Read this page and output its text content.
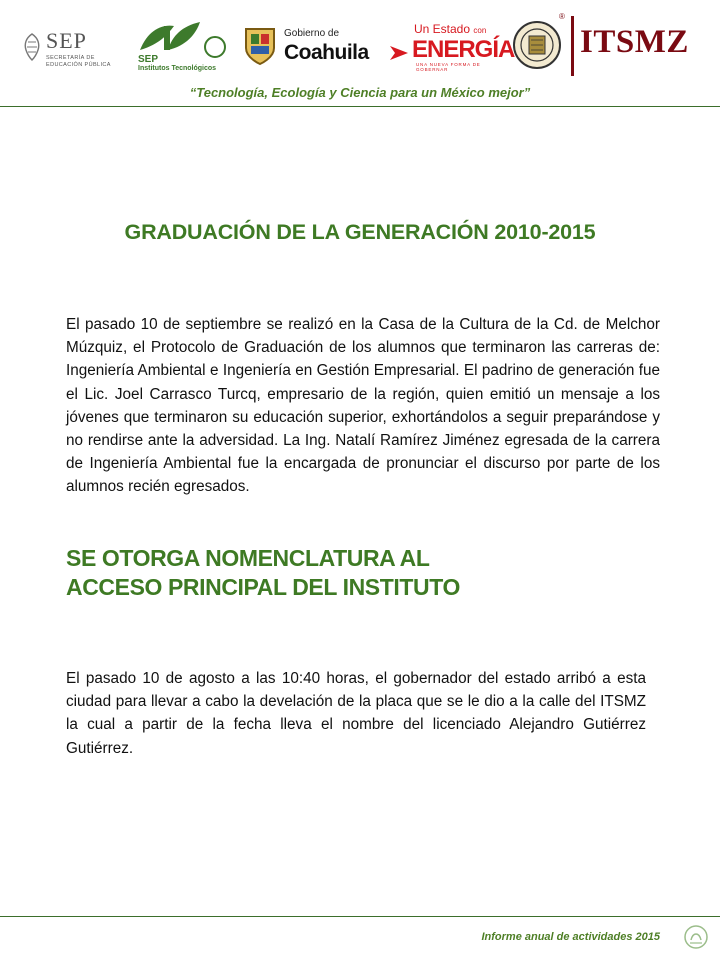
SEP
SECRETARÍA DE EDUCACIÓN PÚBLICA	SEP
Institutos Tecnológicos
Gobierno de
Coahuila
Un Estado con
ENERGÍA
UNA NUEVA FORMA DE GOBERNAR
®
ITSMZ
“Tecnología, Ecología y Ciencia para un México mejor”
GRADUACIÓN DE LA GENERACIÓN 2010-2015

El pasado 10 de septiembre se realizó en la Casa de la Cultura de la Cd. de Melchor Múzquiz, el Protocolo de Graduación de los alumnos que terminaron las carreras de: Ingeniería Ambiental e Ingeniería en Gestión Empresarial. El padrino de generación fue el Lic. Joel Carrasco Turcq, empresario de la región, quien emitió un mensaje a los jóvenes que terminaron su educación superior, exhortándolos a seguir preparándose y no rendirse ante la adversidad. La Ing. Natalí Ramírez Jiménez egresada de la carrera de Ingeniería Ambiental fue la encargada de pronunciar el discurso por parte de los alumnos recién egresados.

SE OTORGA NOMENCLATURA AL
ACCESO PRINCIPAL DEL INSTITUTO

El pasado 10 de agosto a las 10:40 horas, el gobernador del estado arribó a esta ciudad para llevar a cabo la develación de la placa que se le dio a la calle del ITSMZ la cual a partir de la fecha lleva el nombre del licenciado Alejandro Gutiérrez Gutiérrez.

Informe anual de actividades 2015
